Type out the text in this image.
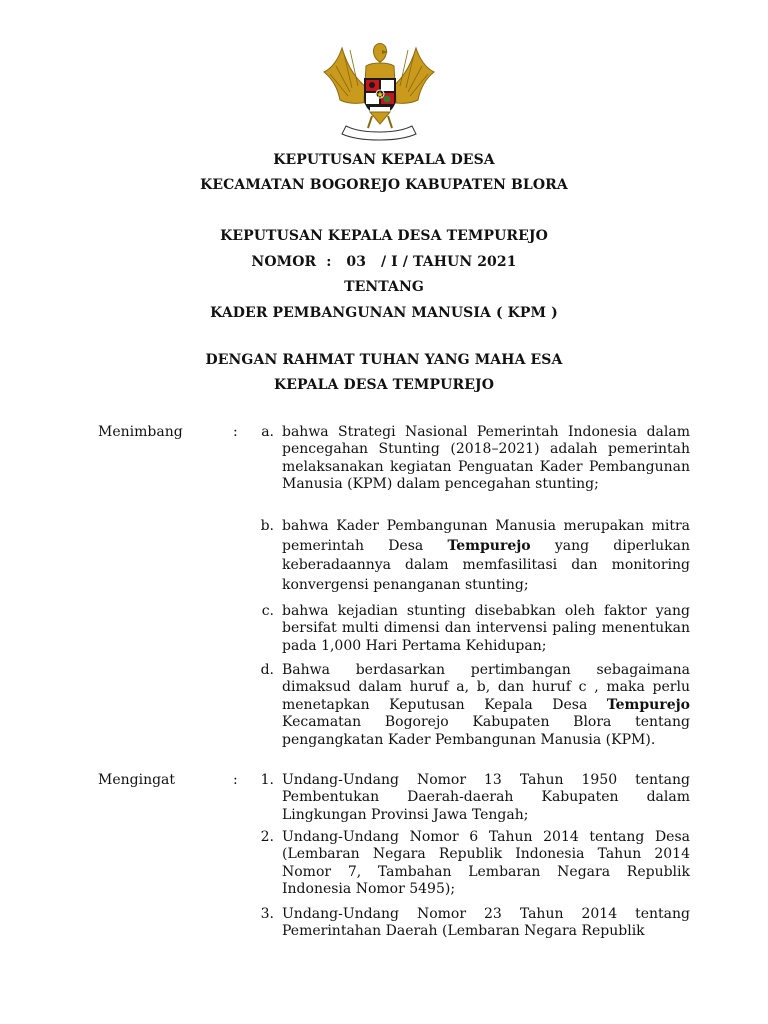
KEPUTUSAN KEPALA DESA
KECAMATAN BOGOREJO KABUPATEN BLORA
KEPUTUSAN KEPALA DESA TEMPUREJO
NOMOR  :   03   / I / TAHUN 2021
TENTANG
KADER PEMBANGUNAN MANUSIA ( KPM )
DENGAN RAHMAT TUHAN YANG MAHA ESA
KEPALA DESA TEMPUREJO
Menimbang	:	a. bahwa Strategi Nasional Pemerintah Indonesia dalam pencegahan Stunting (2018–2021) adalah pemerintah melaksanakan kegiatan Penguatan Kader Pembangunan Manusia (KPM) dalam pencegahan stunting;
b. bahwa Kader Pembangunan Manusia merupakan mitra pemerintah Desa Tempurejo yang diperlukan keberadaannya dalam memfasilitasi dan monitoring konvergensi penanganan stunting;
c. bahwa kejadian stunting disebabkan oleh faktor yang bersifat multi dimensi dan intervensi paling menentukan pada 1,000 Hari Pertama Kehidupan;
d. Bahwa berdasarkan pertimbangan sebagaimana dimaksud dalam huruf a, b, dan huruf c , maka perlu menetapkan Keputusan Kepala Desa Tempurejo Kecamatan Bogorejo Kabupaten Blora tentang pengangkatan Kader Pembangunan Manusia (KPM).
Mengingat	:	1. Undang-Undang Nomor 13 Tahun 1950 tentang Pembentukan Daerah-daerah Kabupaten dalam Lingkungan Provinsi Jawa Tengah;
2. Undang-Undang Nomor 6 Tahun 2014 tentang Desa (Lembaran Negara Republik Indonesia Tahun 2014 Nomor 7, Tambahan Lembaran Negara Republik Indonesia Nomor 5495);
3. Undang-Undang Nomor 23 Tahun 2014 tentang Pemerintahan Daerah (Lembaran Negara Republik
